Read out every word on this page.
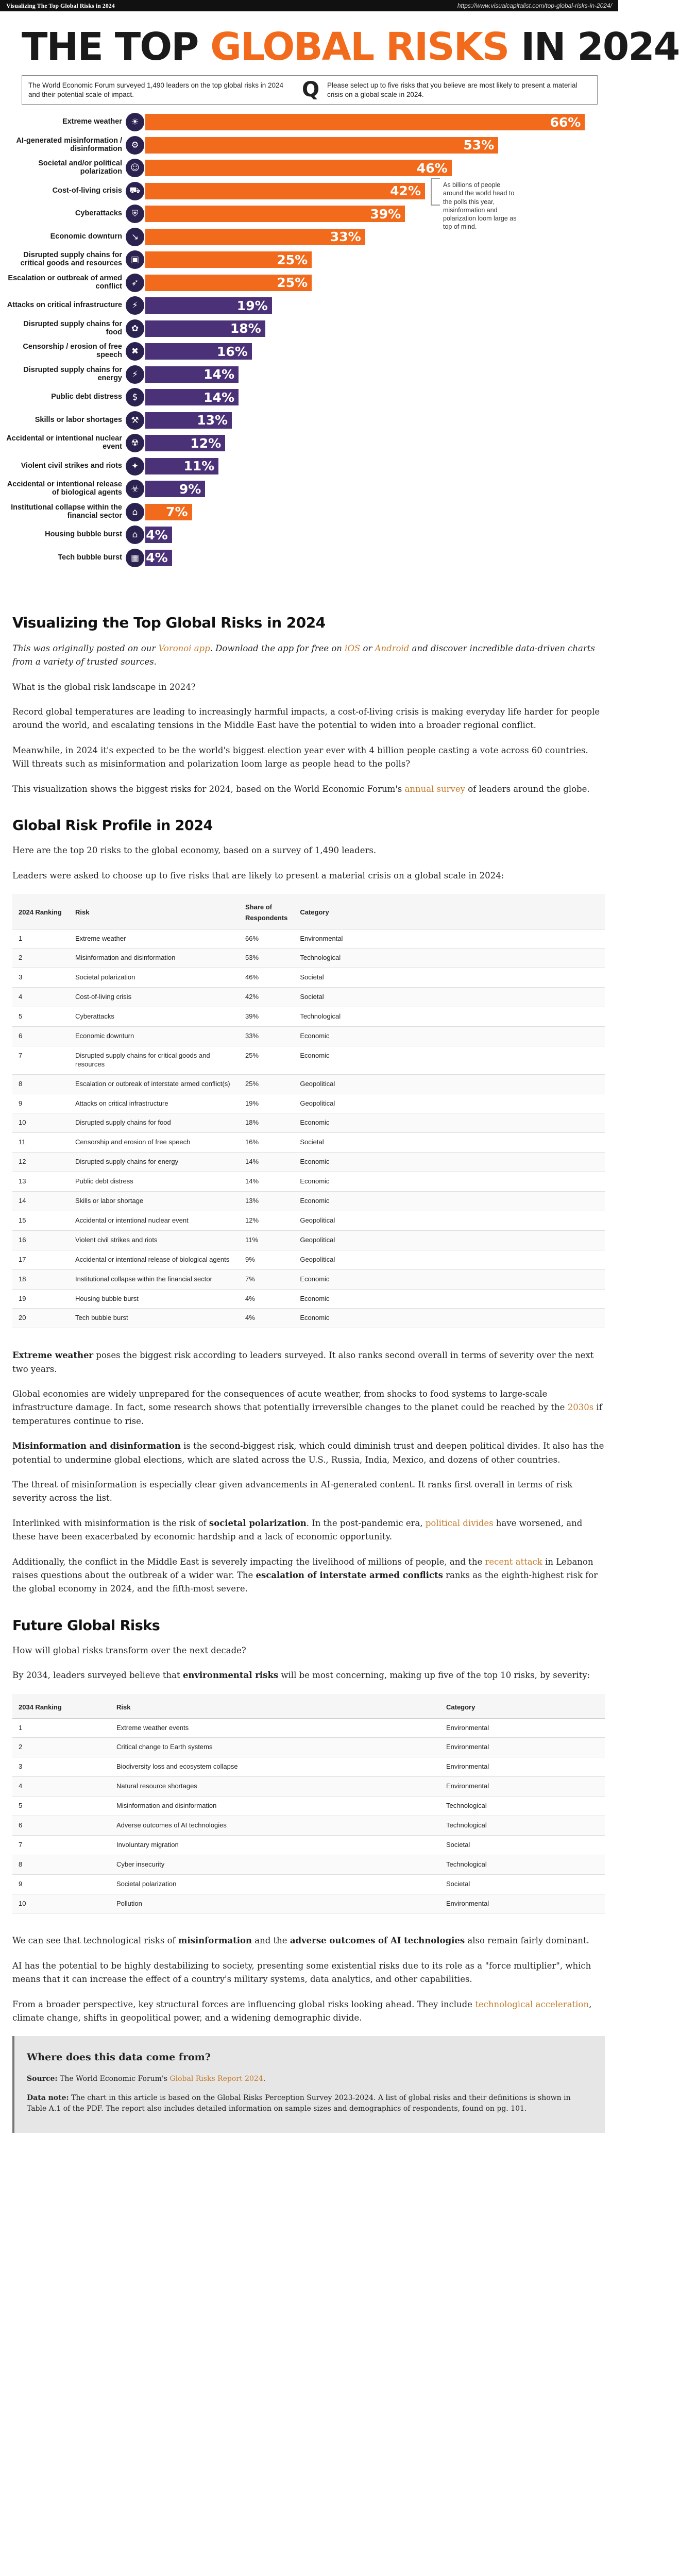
Visualizing The Top Global Risks in 2024	https://www.visualcapitalist.com/top-global-risks-in-2024/
THE TOP GLOBAL RISKS IN 2024
The World Economic Forum surveyed 1,490 leaders on the top global risks in 2024 and their potential scale of impact.	Q	Please select up to five risks that you believe are most likely to present a material crisis on a global scale in 2024.
As billions of people around the world head to the polls this year, misinformation and polarization loom large as top of mind.
Extreme weather	☀	66%
AI-generated misinformation / disinformation	⚙	53%
Societal and/or political polarization ☺	46%
Cost-of-living crisis ⛟	42%
Cyberattacks	⛨	39%
Economic downturn	↘	33%
Disrupted supply chains for critical goods and resources ▣	25%
Escalation or outbreak of armed conflict	➶	25%
Attacks on critical infrastructure	⚡	19%
Disrupted supply chains for food	✿	18%
Censorship / erosion of free speech	✖	16%
Disrupted supply chains for energy	⚡	14%
Public debt distress	$	14%
Skills or labor shortages	⚒	13%
Accidental or intentional nuclear event	☢	12%
Violent civil strikes and riots	✦	11%
Accidental or intentional release of biological agents	☣	9%
Institutional collapse within the financial sector	⌂	7%
Housing bubble burst	⌂ 4%
Tech bubble burst ▦ 4%
Visualizing the Top Global Risks in 2024

This was originally posted on our Voronoi app. Download the app for free on iOS or Android and discover incredible data-driven charts from a variety of trusted sources.

What is the global risk landscape in 2024?

Record global temperatures are leading to increasingly harmful impacts, a cost-of-living crisis is making everyday life harder for people around the world, and escalating tensions in the Middle East have the potential to widen into a broader regional conflict.

Meanwhile, in 2024 it's expected to be the world's biggest election year ever with 4 billion people casting a vote across 60 countries. Will threats such as misinformation and polarization loom large as people head to the polls?

This visualization shows the biggest risks for 2024, based on the World Economic Forum's annual survey of leaders around the globe.

Global Risk Profile in 2024

Here are the top 20 risks to the global economy, based on a survey of 1,490 leaders.

Leaders were asked to choose up to five risks that are likely to present a material crisis on a global scale in 2024:

2024 Ranking	Risk	Share of Respondents	Category
1	Extreme weather	66%	Environmental
2	Misinformation and disinformation	53%	Technological
3	Societal polarization	46%	Societal
4	Cost-of-living crisis	42%	Societal
5	Cyberattacks	39%	Technological
6	Economic downturn	33%	Economic
7	Disrupted supply chains for critical goods and resources	25%	Economic
8	Escalation or outbreak of interstate armed conflict(s)	25%	Geopolitical
9	Attacks on critical infrastructure	19%	Geopolitical
10	Disrupted supply chains for food	18%	Economic
11	Censorship and erosion of free speech	16%	Societal
12	Disrupted supply chains for energy	14%	Economic
13	Public debt distress	14%	Economic
14	Skills or labor shortage	13%	Economic
15	Accidental or intentional nuclear event	12%	Geopolitical
16	Violent civil strikes and riots	11%	Geopolitical
17	Accidental or intentional release of biological agents	9%	Geopolitical
18	Institutional collapse within the financial sector	7%	Economic
19	Housing bubble burst	4%	Economic
20	Tech bubble burst	4%	Economic

Extreme weather poses the biggest risk according to leaders surveyed. It also ranks second overall in terms of severity over the next two years.

Global economies are widely unprepared for the consequences of acute weather, from shocks to food systems to large-scale infrastructure damage. In fact, some research shows that potentially irreversible changes to the planet could be reached by the 2030s if temperatures continue to rise.

Misinformation and disinformation is the second-biggest risk, which could diminish trust and deepen political divides. It also has the potential to undermine global elections, which are slated across the U.S., Russia, India, Mexico, and dozens of other countries.

The threat of misinformation is especially clear given advancements in AI-generated content. It ranks first overall in terms of risk severity across the list.

Interlinked with misinformation is the risk of societal polarization. In the post-pandemic era, political divides have worsened, and these have been exacerbated by economic hardship and a lack of economic opportunity.

Additionally, the conflict in the Middle East is severely impacting the livelihood of millions of people, and the recent attack in Lebanon raises questions about the outbreak of a wider war. The escalation of interstate armed conflicts ranks as the eighth-highest risk for the global economy in 2024, and the fifth-most severe.

Future Global Risks

How will global risks transform over the next decade?

By 2034, leaders surveyed believe that environmental risks will be most concerning, making up five of the top 10 risks, by severity:

2034 Ranking	Risk	Category
1	Extreme weather events	Environmental
2	Critical change to Earth systems	Environmental
3	Biodiversity loss and ecosystem collapse	Environmental
4	Natural resource shortages	Environmental
5	Misinformation and disinformation	Technological
6	Adverse outcomes of AI technologies	Technological
7	Involuntary migration	Societal
8	Cyber insecurity	Technological
9	Societal polarization	Societal
10	Pollution	Environmental

We can see that technological risks of misinformation and the adverse outcomes of AI technologies also remain fairly dominant.

AI has the potential to be highly destabilizing to society, presenting some existential risks due to its role as a "force multiplier", which means that it can increase the effect of a country's military systems, data analytics, and other capabilities.

From a broader perspective, key structural forces are influencing global risks looking ahead. They include technological acceleration, climate change, shifts in geopolitical power, and a widening demographic divide.

Where does this data come from?

Source: The World Economic Forum's Global Risks Report 2024.

Data note: The chart in this article is based on the Global Risks Perception Survey 2023-2024. A list of global risks and their definitions is shown in Table A.1 of the PDF. The report also includes detailed information on sample sizes and demographics of respondents, found on pg. 101.
